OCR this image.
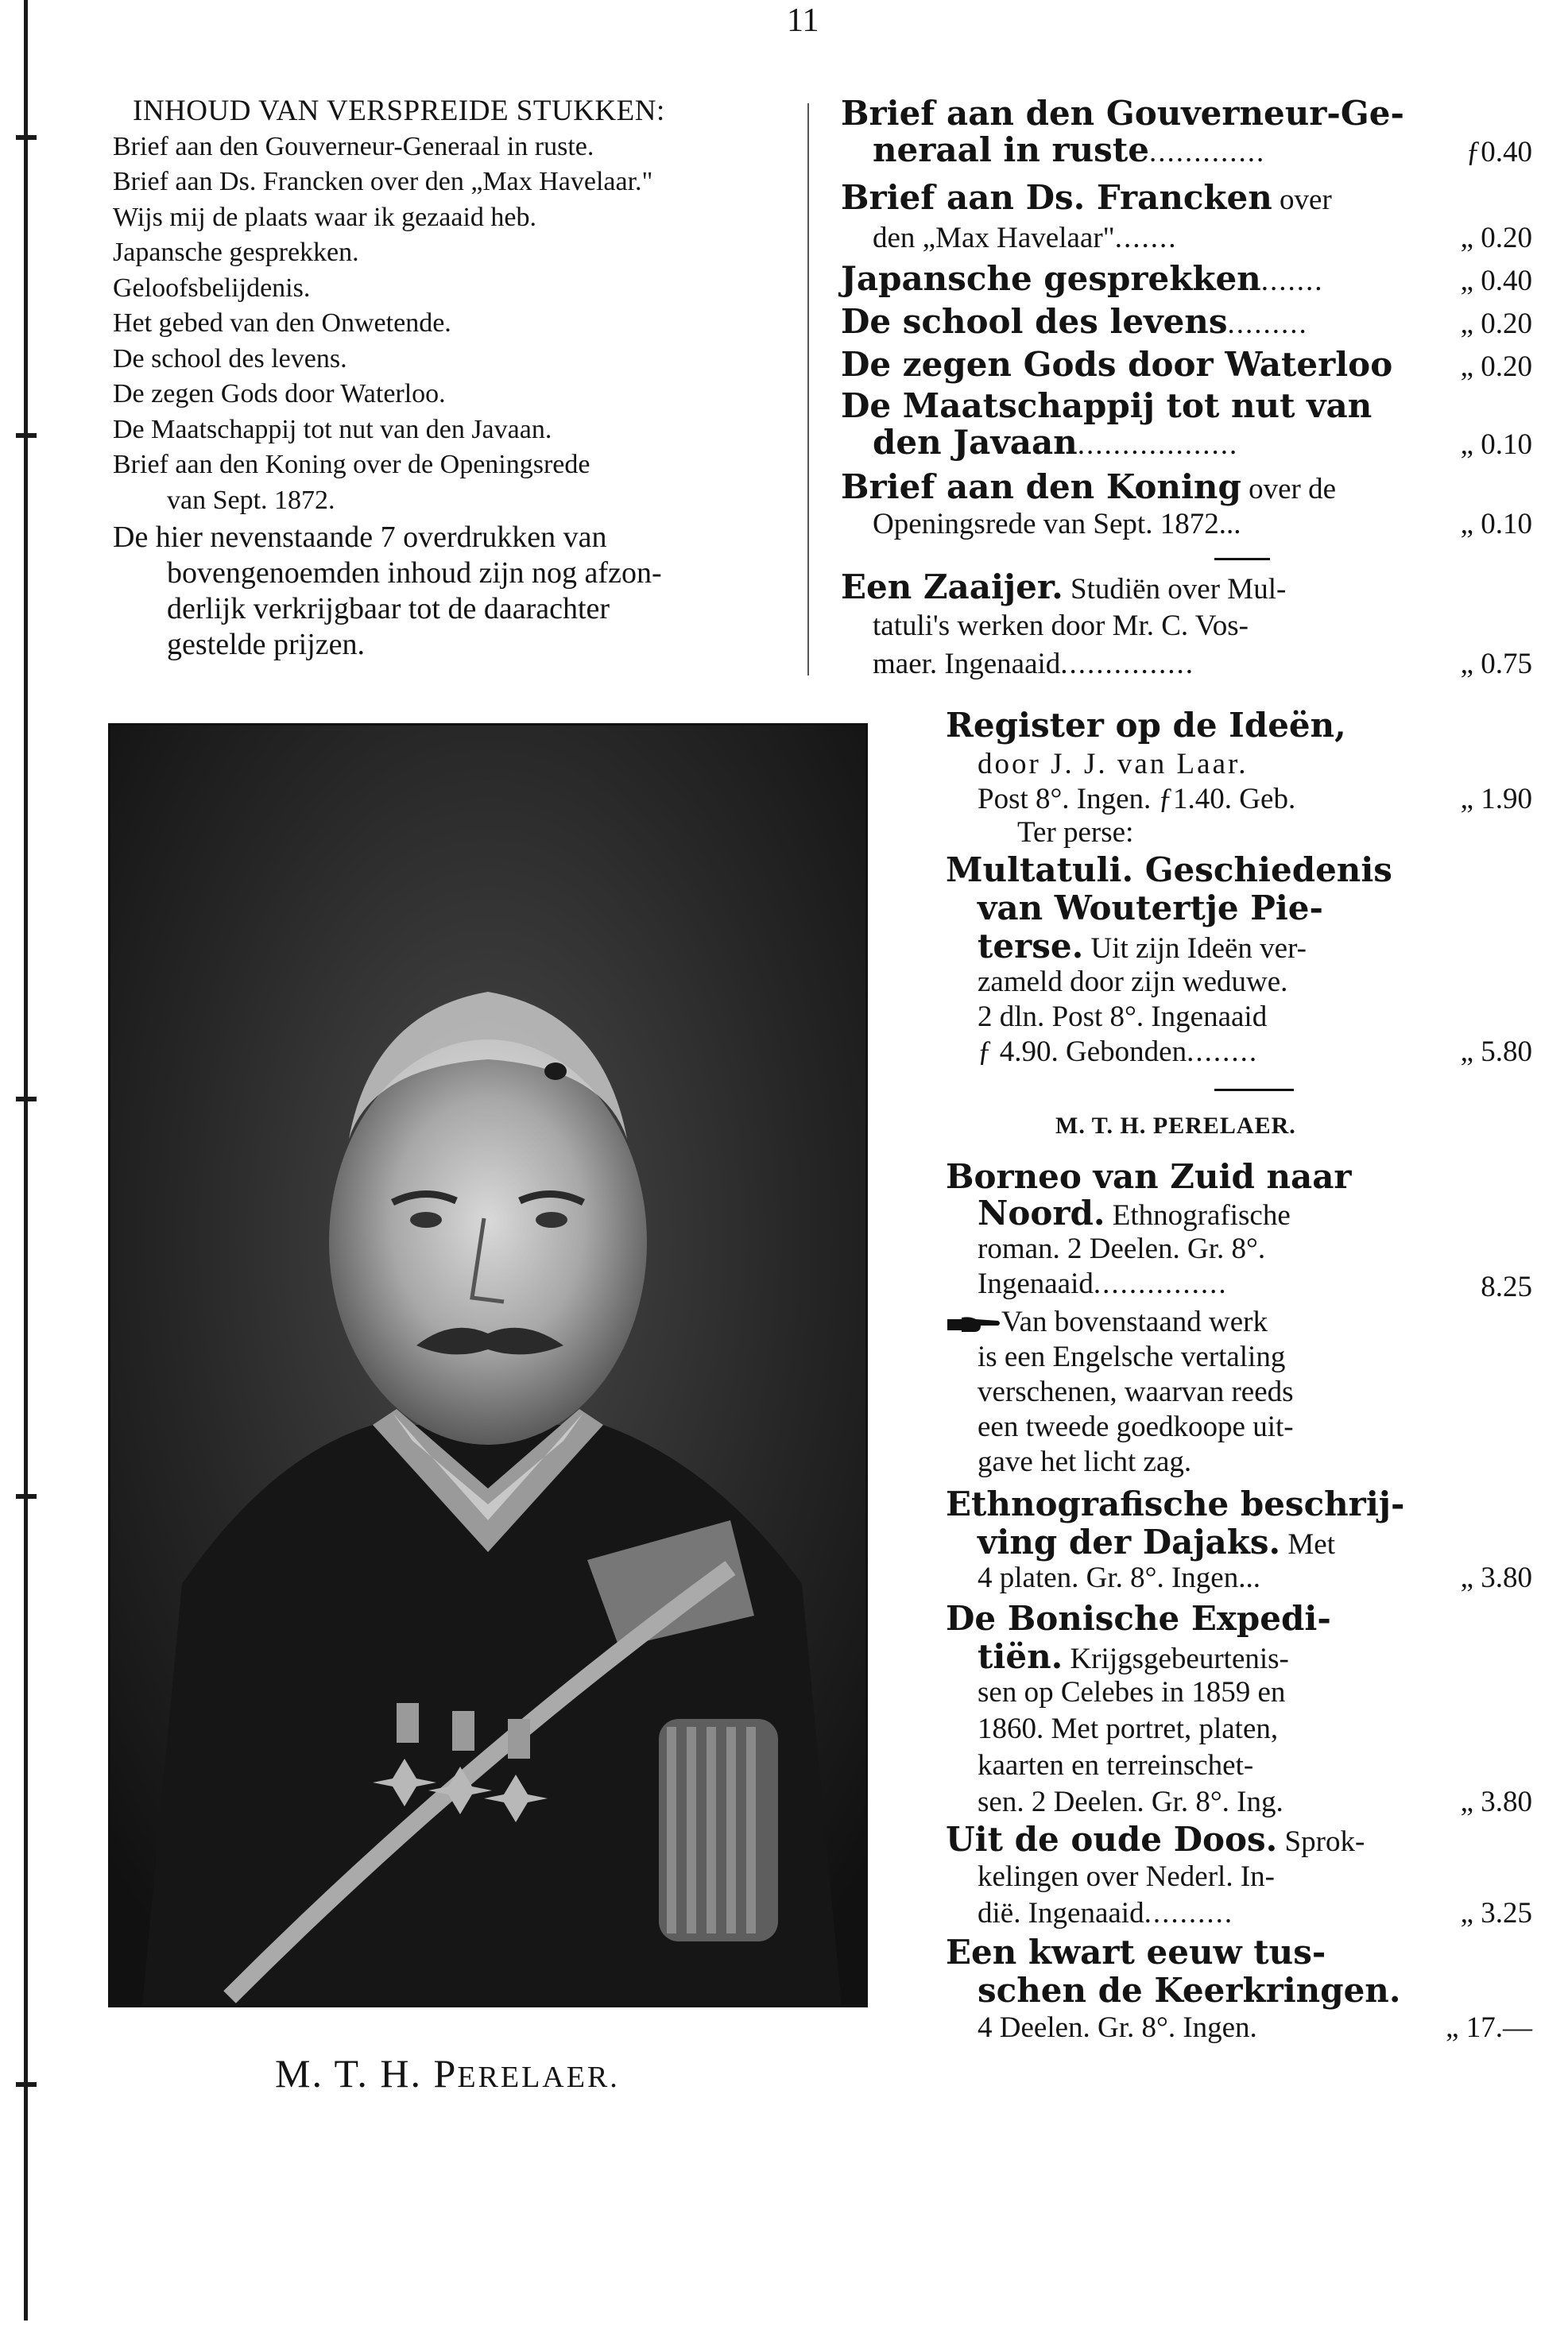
11
INHOUD VAN VERSPREIDE STUKKEN:
Brief aan den Gouverneur-Generaal in ruste.
Brief aan Ds. Francken over den „Max Havelaar."
Wijs mij de plaats waar ik gezaaid heb.
Japansche gesprekken.
Geloofsbelijdenis.
Het gebed van den Onwetende.
De school des levens.
De zegen Gods door Waterloo.
De Maatschappij tot nut van den Javaan.
Brief aan den Koning over de Openingsrede
van Sept. 1872.
De hier nevenstaande 7 overdrukken van
bovengenoemden inhoud zijn nog afzon-
derlijk verkrijgbaar tot de daarachter
gestelde prijzen.
M. T. H. PERELAER.
Brief aan den Gouverneur-Ge-
neraal in ruste.............	ƒ0.40
Brief aan Ds. Francken over
den „Max Havelaar".......	„ 0.20
Japansche gesprekken.......	„ 0.40
De school des levens.........	„ 0.20
De zegen Gods door Waterloo „ 0.20
De Maatschappij tot nut van
den Javaan..................	„ 0.10
Brief aan den Koning over de
Openingsrede van Sept. 1872...	„ 0.10
Een Zaaijer. Studiën over Mul-
tatuli's werken door Mr. C. Vos-
maer. Ingenaaid...............	„ 0.75
Register op de Ideën,
door J. J. van Laar.
Post 8°. Ingen. ƒ1.40. Geb.	„ 1.90
Ter perse:
Multatuli. Geschiedenis
van Woutertje Pie-
terse. Uit zijn Ideën ver-
zameld door zijn weduwe.
2 dln. Post 8°. Ingenaaid
ƒ 4.90. Gebonden........	„ 5.80
M. T. H. PERELAER.
Borneo van Zuid naar
Noord. Ethnografische
roman. 2 Deelen. Gr. 8°.
Ingenaaid...............	8.25
Van bovenstaand werk
is een Engelsche vertaling
verschenen, waarvan reeds
een tweede goedkoope uit-
gave het licht zag.
Ethnografische beschrij-
ving der Dajaks. Met
4 platen. Gr. 8°. Ingen...	„ 3.80
De Bonische Expedi-
tiën. Krijgsgebeurtenis-
sen op Celebes in 1859 en
1860. Met portret, platen,
kaarten en terreinschet-
sen. 2 Deelen. Gr. 8°. Ing.	„ 3.80
Uit de oude Doos. Sprok-
kelingen over Nederl. In-
dië. Ingenaaid..........	„ 3.25
Een kwart eeuw tus-
schen de Keerkringen.
4 Deelen. Gr. 8°. Ingen.	„ 17.—
